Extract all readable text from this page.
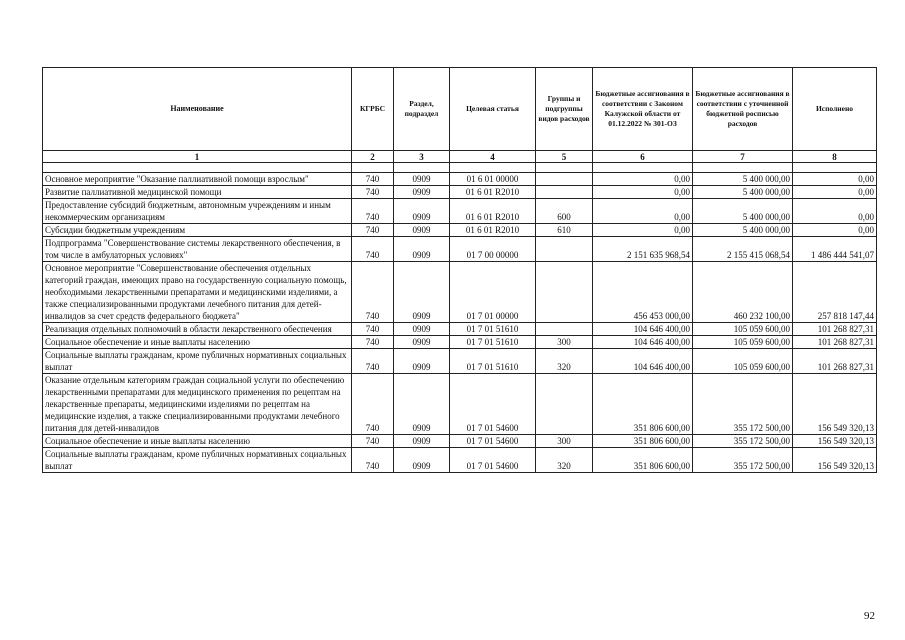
Наименование	КГРБС	Раздел, подраздел	Целевая статья	Группы и подгруппы видов расходов	Бюджетные ассигнования в соответствии с Законом Калужской области от 01.12.2022 № 301-ОЗ	Бюджетные ассигнования в соответствии с уточненной бюджетной росписью расходов	Исполнено
1	2	3	4	5	6	7	8

Основное мероприятие "Оказание паллиативной помощи взрослым"	740	0909	01 6 01 00000		0,00	5 400 000,00	0,00
Развитие паллиативной медицинской помощи	740	0909	01 6 01 R2010		0,00	5 400 000,00	0,00
Предоставление субсидий бюджетным, автономным учреждениям и иным некоммерческим организациям	740	0909	01 6 01 R2010	600	0,00	5 400 000,00	0,00
Субсидии бюджетным учреждениям	740	0909	01 6 01 R2010	610	0,00	5 400 000,00	0,00
Подпрограмма "Совершенствование системы лекарственного обеспечения, в том числе в амбулаторных условиях"	740	0909	01 7 00 00000		2 151 635 968,54	2 155 415 068,54	1 486 444 541,07
Основное мероприятие "Совершенствование обеспечения отдельных категорий граждан, имеющих право на государственную социальную помощь, необходимыми лекарственными препаратами и медицинскими изделиями, а также специализированными продуктами лечебного питания для детей-инвалидов за счет средств федерального бюджета"	740	0909	01 7 01 00000		456 453 000,00	460 232 100,00	257 818 147,44
Реализация отдельных полномочий в области лекарственного обеспечения	740	0909	01 7 01 51610		104 646 400,00	105 059 600,00	101 268 827,31
Социальное обеспечение и иные выплаты населению	740	0909	01 7 01 51610	300	104 646 400,00	105 059 600,00	101 268 827,31
Социальные выплаты гражданам, кроме публичных нормативных социальных выплат	740	0909	01 7 01 51610	320	104 646 400,00	105 059 600,00	101 268 827,31
Оказание отдельным категориям граждан социальной услуги по обеспечению лекарственными препаратами для медицинского применения по рецептам на лекарственные препараты, медицинскими изделиями по рецептам на медицинские изделия, а также специализированными продуктами лечебного питания для детей-инвалидов	740	0909	01 7 01 54600		351 806 600,00	355 172 500,00	156 549 320,13
Социальное обеспечение и иные выплаты населению	740	0909	01 7 01 54600	300	351 806 600,00	355 172 500,00	156 549 320,13
Социальные выплаты гражданам, кроме публичных нормативных социальных выплат	740	0909	01 7 01 54600	320	351 806 600,00	355 172 500,00	156 549 320,13
92
